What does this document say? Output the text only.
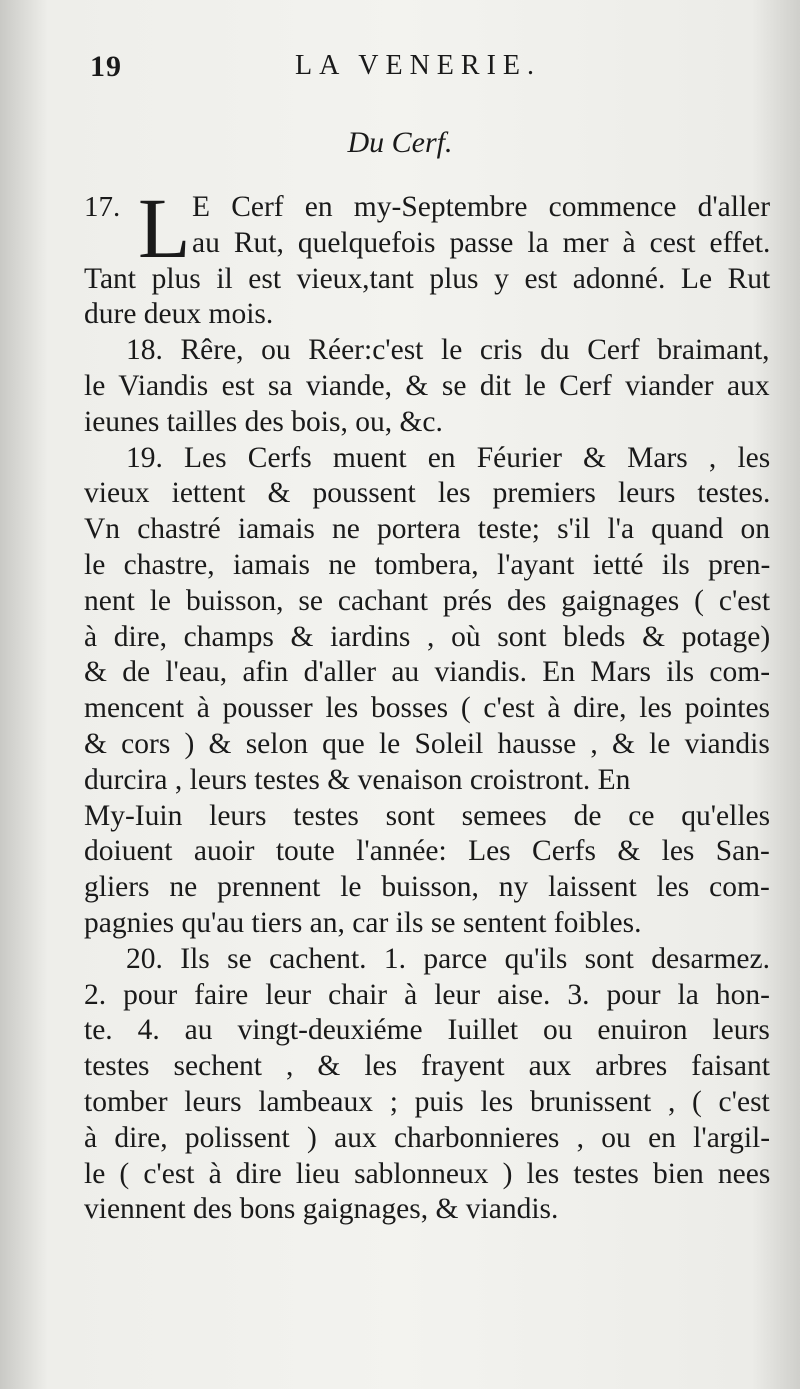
19	LA VENERIE.
Du Cerf.
17. L E Cerf en my-Septembre commence d'aller
au Rut, quelquefois passe la mer à cest effet.
Tant plus il est vieux,tant plus y est adonné. Le Rut
dure deux mois.
18. Rêre, ou Réer:c'est le cris du Cerf braimant,
le Viandis est sa viande, & se dit le Cerf viander aux
ieunes tailles des bois, ou, &c.
19. Les Cerfs muent en Féurier & Mars , les
vieux iettent & poussent les premiers leurs testes.
Vn chastré iamais ne portera teste; s'il l'a quand on
le chastre, iamais ne tombera, l'ayant ietté ils pren-
nent le buisson, se cachant prés des gaignages ( c'est
à dire, champs & iardins , où sont bleds & potage)
& de l'eau, afin d'aller au viandis. En Mars ils com-
mencent à pousser les bosses ( c'est à dire, les pointes
& cors ) & selon que le Soleil hausse , & le viandis
durcira , leurs testes & venaison croistront. En
My-Iuin leurs testes sont semees de ce qu'elles
doiuent auoir toute l'année: Les Cerfs & les San-
gliers ne prennent le buisson, ny laissent les com-
pagnies qu'au tiers an, car ils se sentent foibles.
20. Ils se cachent. 1. parce qu'ils sont desarmez.
2. pour faire leur chair à leur aise. 3. pour la hon-
te. 4. au vingt-deuxiéme Iuillet ou enuiron leurs
testes sechent , & les frayent aux arbres faisant
tomber leurs lambeaux ; puis les brunissent , ( c'est
à dire, polissent ) aux charbonnieres , ou en l'argil-
le ( c'est à dire lieu sablonneux ) les testes bien nees
viennent des bons gaignages, & viandis.
